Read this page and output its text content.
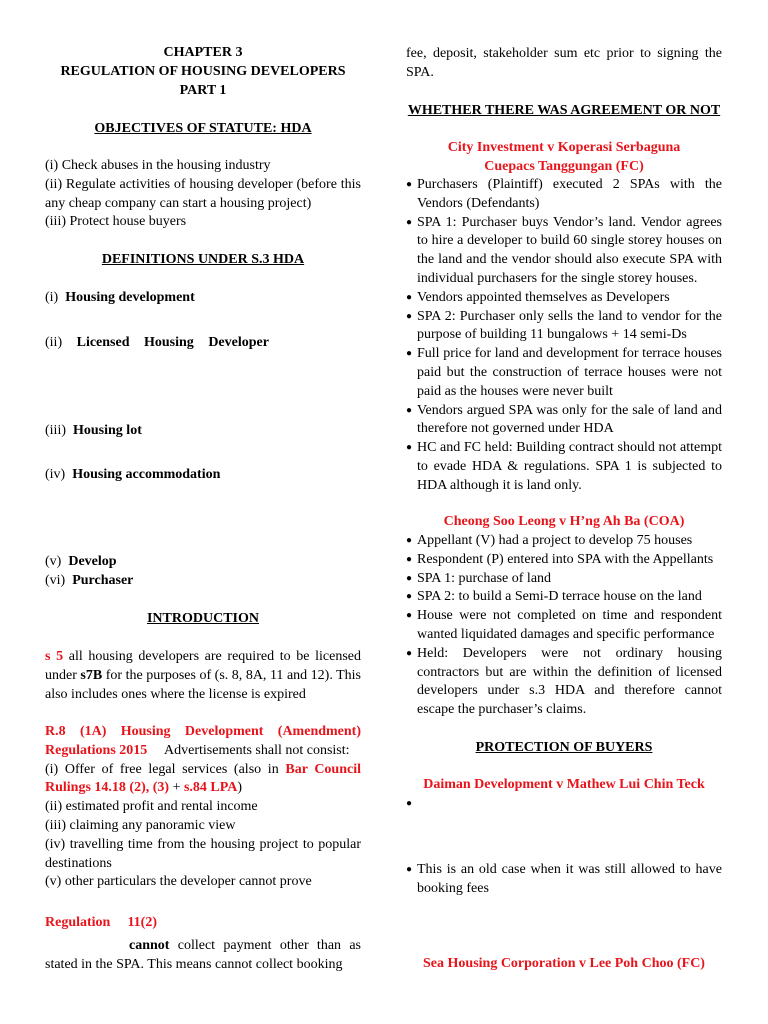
CHAPTER 3
REGULATION OF HOUSING DEVELOPERS
PART 1
OBJECTIVES OF STATUTE: HDA
(i) Check abuses in the housing industry
(ii) Regulate activities of housing developer (before this any cheap company can start a housing project)
(iii) Protect house buyers
DEFINITIONS UNDER S.3 HDA
(i) Housing development
(ii) Licensed Housing Developer
(iii) Housing lot
(iv) Housing accommodation
(v) Develop
(vi) Purchaser
INTRODUCTION
s 5 all housing developers are required to be licensed under s7B for the purposes of (s. 8, 8A, 11 and 12). This also includes ones where the license is expired
R.8 (1A) Housing Development (Amendment) Regulations 2015 Advertisements shall not consist:
(i) Offer of free legal services (also in Bar Council Rulings 14.18 (2), (3) + s.84 LPA)
(ii) estimated profit and rental income
(iii) claiming any panoramic view
(iv) travelling time from the housing project to popular destinations
(v) other particulars the developer cannot prove
Regulation 11(2)
cannot collect payment other than as stated in the SPA. This means cannot collect booking
fee, deposit, stakeholder sum etc prior to signing the SPA.
WHETHER THERE WAS AGREEMENT OR NOT
City Investment v Koperasi Serbaguna Cuepacs Tanggungan (FC)
● Purchasers (Plaintiff) executed 2 SPAs with the Vendors (Defendants)
● SPA 1: Purchaser buys Vendor’s land. Vendor agrees to hire a developer to build 60 single storey houses on the land and the vendor should also execute SPA with individual purchasers for the single storey houses.
● Vendors appointed themselves as Developers
● SPA 2: Purchaser only sells the land to vendor for the purpose of building 11 bungalows + 14 semi-Ds
● Full price for land and development for terrace houses paid but the construction of terrace houses were not paid as the houses were never built
● Vendors argued SPA was only for the sale of land and therefore not governed under HDA
● HC and FC held: Building contract should not attempt to evade HDA & regulations. SPA 1 is subjected to HDA although it is land only.
Cheong Soo Leong v H’ng Ah Ba (COA)
● Appellant (V) had a project to develop 75 houses
● Respondent (P) entered into SPA with the Appellants
● SPA 1: purchase of land
● SPA 2: to build a Semi-D terrace house on the land
● House were not completed on time and respondent wanted liquidated damages and specific performance
● Held: Developers were not ordinary housing contractors but are within the definition of licensed developers under s.3 HDA and therefore cannot escape the purchaser’s claims.
PROTECTION OF BUYERS
Daiman Development v Mathew Lui Chin Teck
●
● This is an old case when it was still allowed to have booking fees
Sea Housing Corporation v Lee Poh Choo (FC)
